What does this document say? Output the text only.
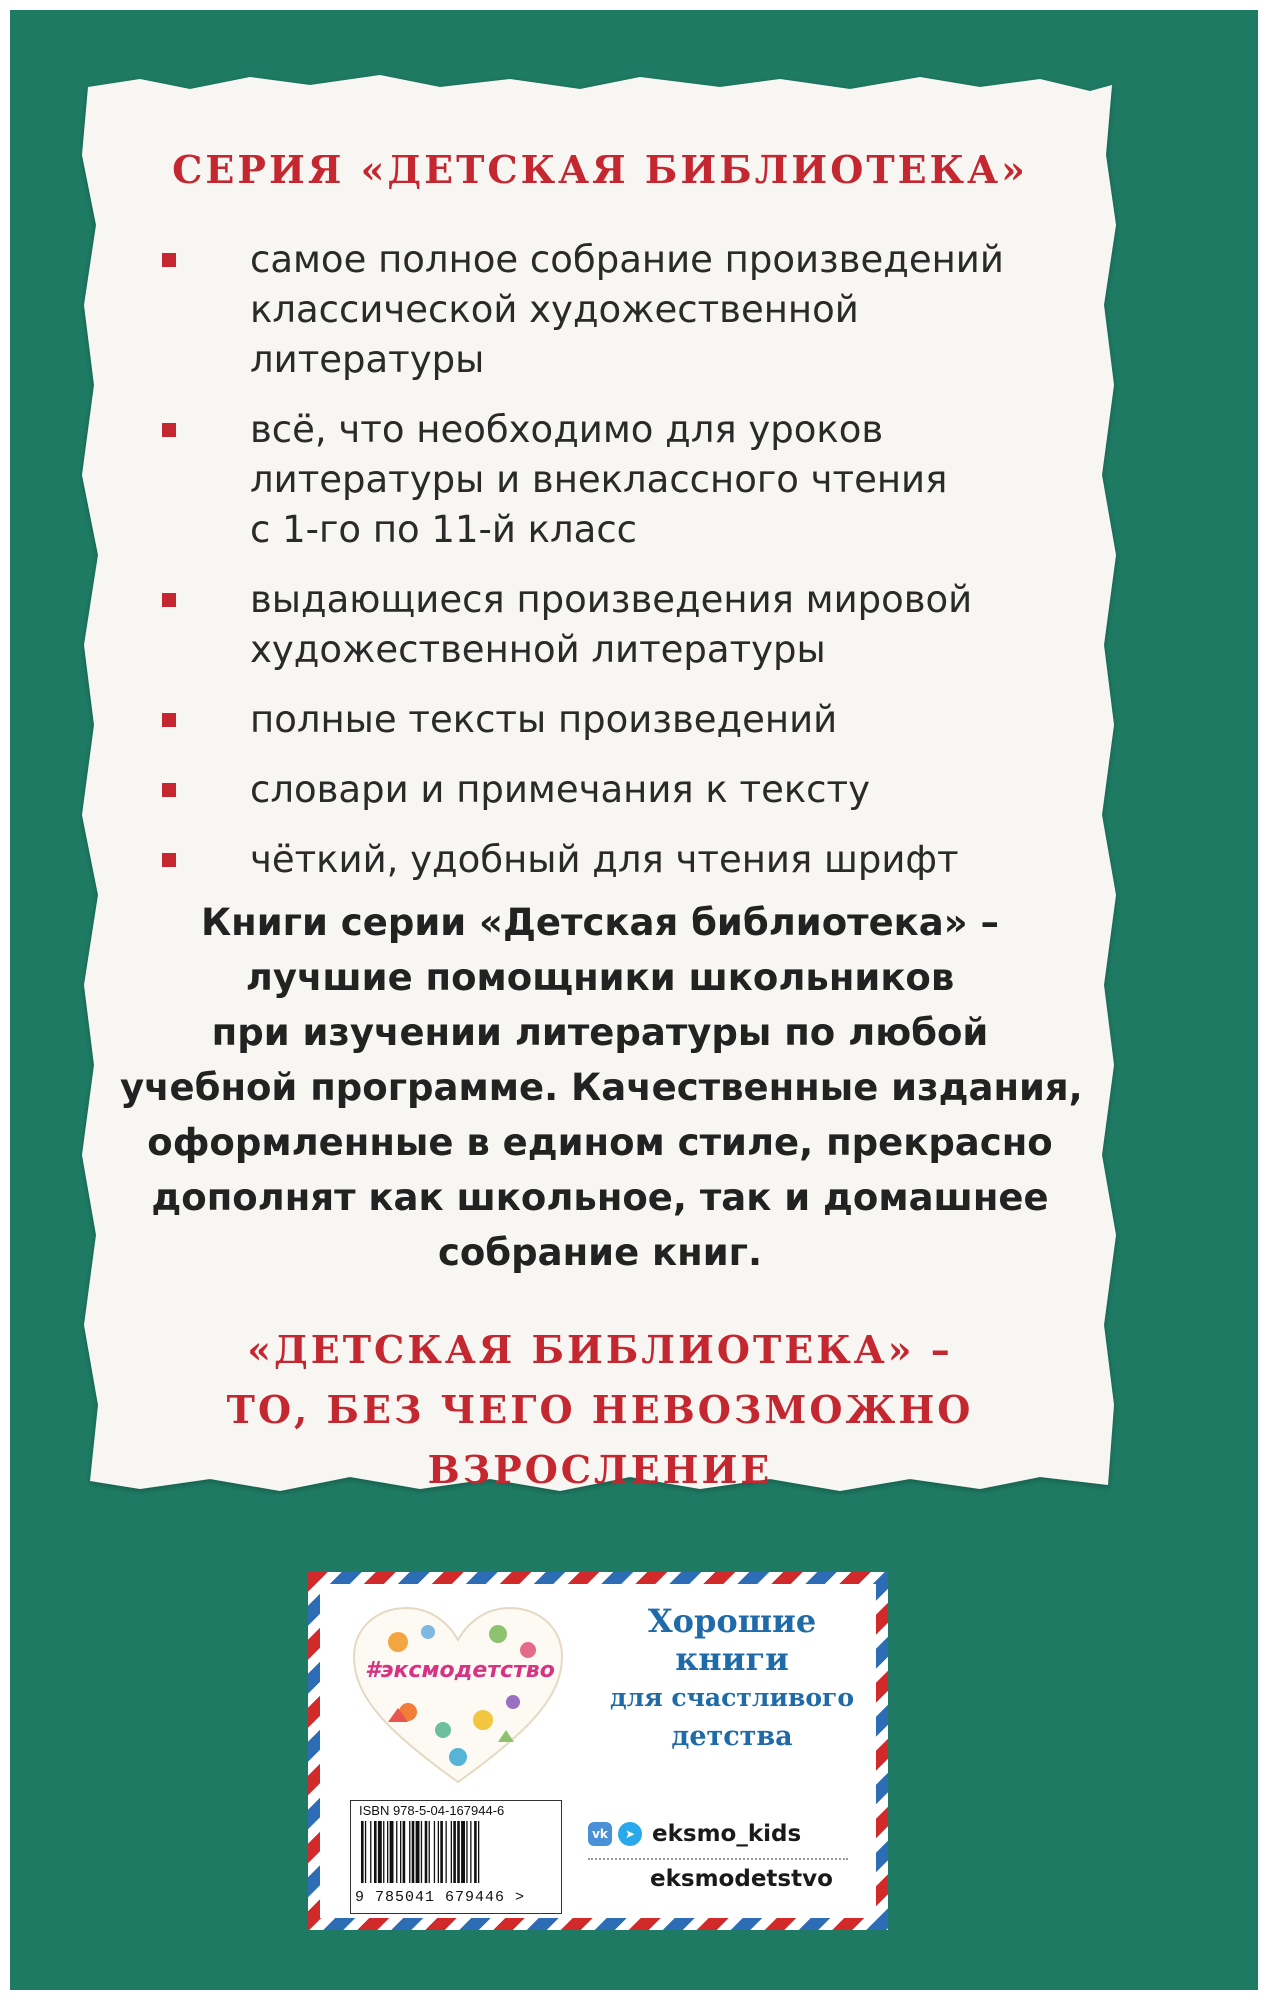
СЕРИЯ «ДЕТСКАЯ БИБЛИОТЕКА»
самое полное собрание произведений
классической художественной литературы
всё, что необходимо для уроков
литературы и внеклассного чтения
с 1-го по 11-й класс
выдающиеся произведения мировой
художественной литературы
полные тексты произведений
словари и примечания к тексту
чёткий, удобный для чтения шрифт
Книги серии «Детская библиотека» –
лучшие помощники школьников
при изучении литературы по любой
учебной программе. Качественные издания,
оформленные в едином стиле, прекрасно
дополнят как школьное, так и домашнее
собрание книг.
«ДЕТСКАЯ БИБЛИОТЕКА» –
ТО, БЕЗ ЧЕГО НЕВОЗМОЖНО ВЗРОСЛЕНИЕ
#эксмодетство
Хорошие
книги
для счастливого
детства
ISBN 978-5-04-167944-6
9 785041 679446 >
vk	➤ eksmo_kids
eksmodetstvo
